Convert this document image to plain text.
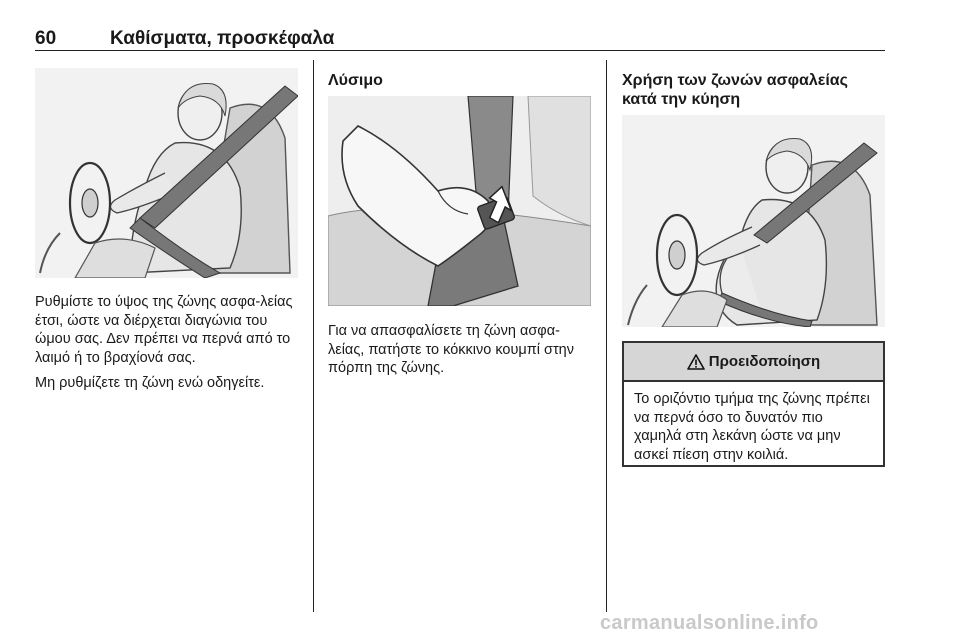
60	Καθίσματα, προσκέφαλα
Ρυθμίστε το ύψος της ζώνης ασφα-λείας έτσι, ώστε να διέρχεται διαγώνια του ώμου σας. Δεν πρέπει να περνά από το λαιμό ή το βραχίονά σας.
Μη ρυθμίζετε τη ζώνη ενώ οδηγείτε.
Λύσιμο
Για να απασφαλίσετε τη ζώνη ασφα-λείας, πατήστε το κόκκινο κουμπί στην πόρπη της ζώνης.
Χρήση των ζωνών ασφαλείας κατά την κύηση
Προειδοποίηση
Το οριζόντιο τμήμα της ζώνης πρέπει να περνά όσο το δυνατόν πιο χαμηλά στη λεκάνη ώστε να μην ασκεί πίεση στην κοιλιά.
carmanualsonline.info
